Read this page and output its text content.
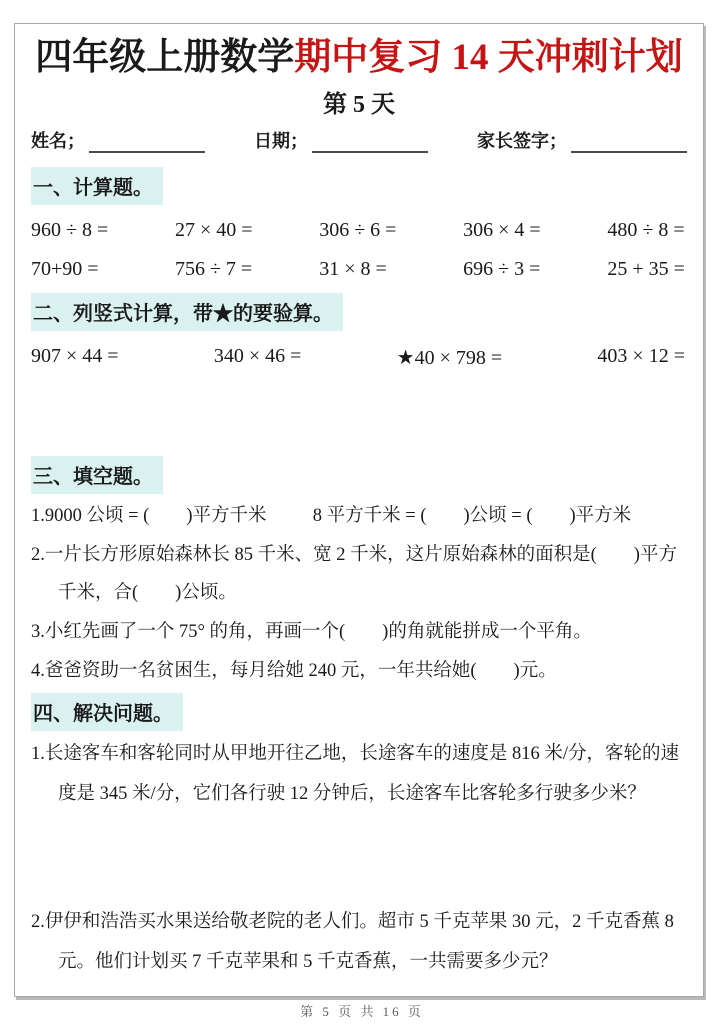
四年级上册数学期中复习 14 天冲刺计划
第 5 天
姓名；	日期；	家长签字；
一、计算题。
960 ÷ 8 =	27 × 40 =	306 ÷ 6 =	306 × 4 =	480 ÷ 8 =
70+90 =	756 ÷ 7 =	31 × 8 =	696 ÷ 3 =	25 + 35 =
二、列竖式计算，带★的要验算。
907 × 44 =	340 × 46 =	★40 × 798 =	403 × 12 =
三、填空题。
1.9000 公顷 = (        )平方千米          8 平方千米 = (        )公顷 = (        )平方米
2.一片长方形原始森林长 85 千米、宽 2 千米，这片原始森林的面积是(        )平方千米，合(        )公顷。
3.小红先画了一个 75° 的角，再画一个(        )的角就能拼成一个平角。
4.爸爸资助一名贫困生，每月给她 240 元，一年共给她(        )元。
四、解决问题。
1.长途客车和客轮同时从甲地开往乙地，长途客车的速度是 816 米/分，客轮的速度是 345 米/分，它们各行驶 12 分钟后，长途客车比客轮多行驶多少米？
2.伊伊和浩浩买水果送给敬老院的老人们。超市 5 千克苹果 30 元，2 千克香蕉 8 元。他们计划买 7 千克苹果和 5 千克香蕉，一共需要多少元？
第 5 页 共 16 页
